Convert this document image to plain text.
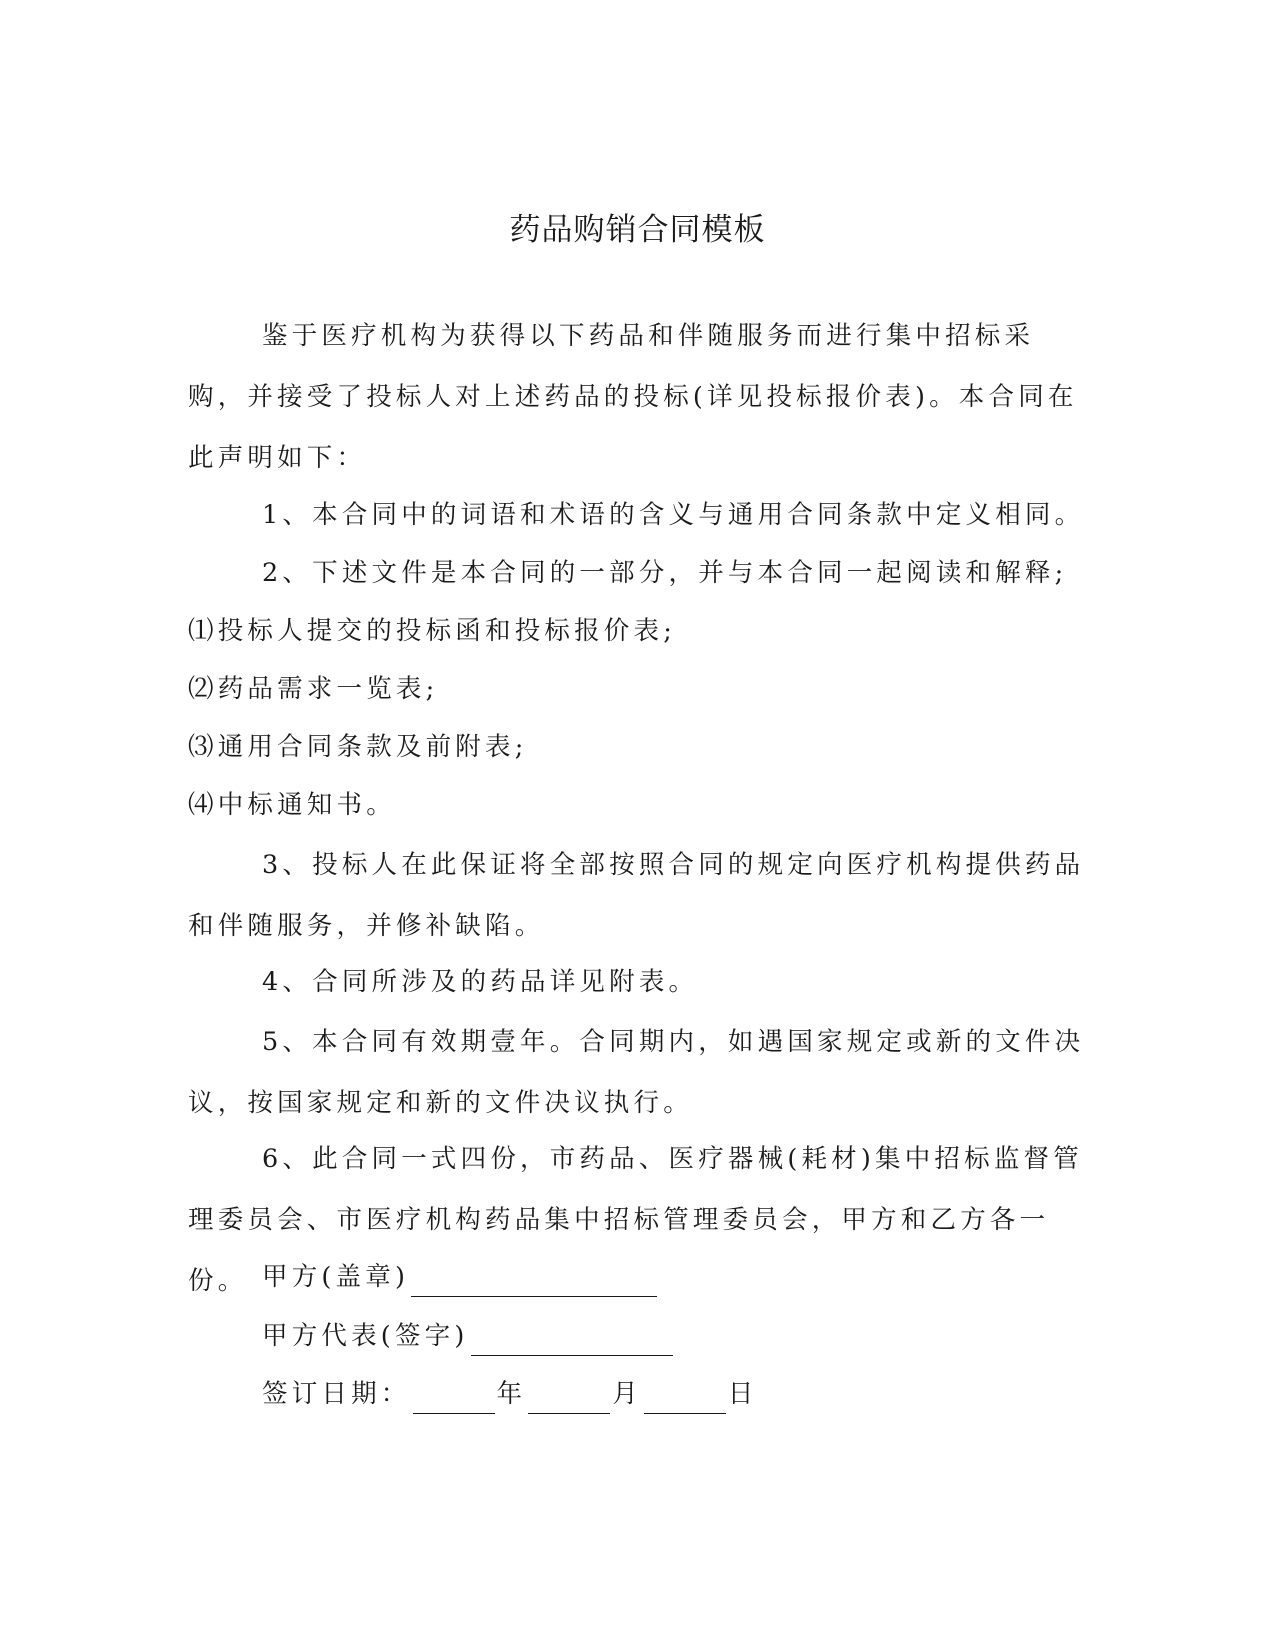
药品购销合同模板

鉴于医疗机构为获得以下药品和伴随服务而进行集中招标采购，并接受了投标人对上述药品的投标(详见投标报价表)。本合同在此声明如下：

1、本合同中的词语和术语的含义与通用合同条款中定义相同。

2、下述文件是本合同的一部分，并与本合同一起阅读和解释;

⑴投标人提交的投标函和投标报价表;

⑵药品需求一览表;

⑶通用合同条款及前附表;

⑷中标通知书。

3、投标人在此保证将全部按照合同的规定向医疗机构提供药品和伴随服务，并修补缺陷。

4、合同所涉及的药品详见附表。

5、本合同有效期壹年。合同期内，如遇国家规定或新的文件决议，按国家规定和新的文件决议执行。

6、此合同一式四份，市药品、医疗器械(耗材)集中招标监督管理委员会、市医疗机构药品集中招标管理委员会，甲方和乙方各一份。 甲方(盖章)
甲方代表(签字)
签订日期：	年	月	日
